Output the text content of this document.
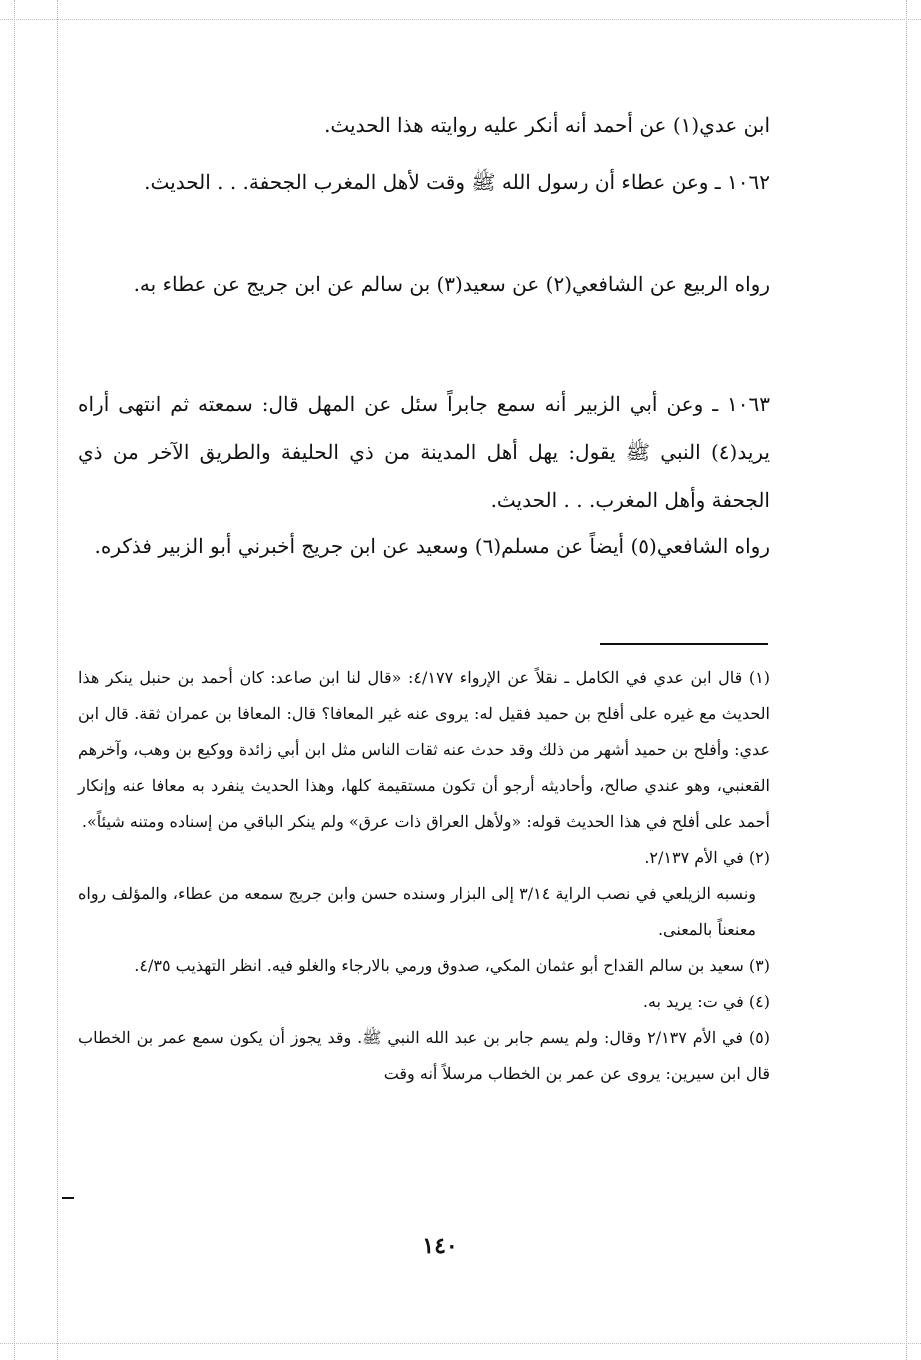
ابن عدي(١) عن أحمد أنه أنكر عليه روايته هذا الحديث.

١٠٦٢ ـ وعن عطاء أن رسول الله ﷺ وقت لأهل المغرب الجحفة. . . الحديث.

رواه الربيع عن الشافعي(٢) عن سعيد(٣) بن سالم عن ابن جريج عن عطاء به.

١٠٦٣ ـ وعن أبي الزبير أنه سمع جابراً سئل عن المهل قال: سمعته ثم انتهى أراه يريد(٤) النبي ﷺ يقول: يهل أهل المدينة من ذي الحليفة والطريق الآخر من ذي الجحفة وأهل المغرب. . . الحديث.

رواه الشافعي(٥) أيضاً عن مسلم(٦) وسعيد عن ابن جريج أخبرني أبو الزبير فذكره.

(١) قال ابن عدي في الكامل ـ نقلاً عن الإرواء ٤/١٧٧: «قال لنا ابن صاعد: كان أحمد بن حنبل ينكر هذا الحديث مع غيره على أفلح بن حميد فقيل له: يروى عنه غير المعافا؟ قال: المعافا بن عمران ثقة. قال ابن عدي: وأفلح بن حميد أشهر من ذلك وقد حدث عنه ثقات الناس مثل ابن أبي زائدة ووكيع بن وهب، وآخرهم القعنبي، وهو عندي صالح، وأحاديثه أرجو أن تكون مستقيمة كلها، وهذا الحديث ينفرد به معافا عنه وإنكار أحمد على أفلح في هذا الحديث قوله: «ولأهل العراق ذات عرق» ولم ينكر الباقي من إسناده ومتنه شيئاً».

(٢) في الأم ٢/١٣٧.

ونسبه الزيلعي في نصب الراية ٣/١٤ إلى البزار وسنده حسن وابن جريج سمعه من عطاء، والمؤلف رواه معنعناً بالمعنى.

(٣) سعيد بن سالم القداح أبو عثمان المكي، صدوق ورمي بالارجاء والغلو فيه. انظر التهذيب ٤/٣٥.

(٤) في ت: يريد به.

(٥) في الأم ٢/١٣٧ وقال: ولم يسم جابر بن عبد الله النبي ﷺ. وقد يجوز أن يكون سمع عمر بن الخطاب قال ابن سيرين: يروى عن عمر بن الخطاب مرسلاً أنه وقت

١٤٠
